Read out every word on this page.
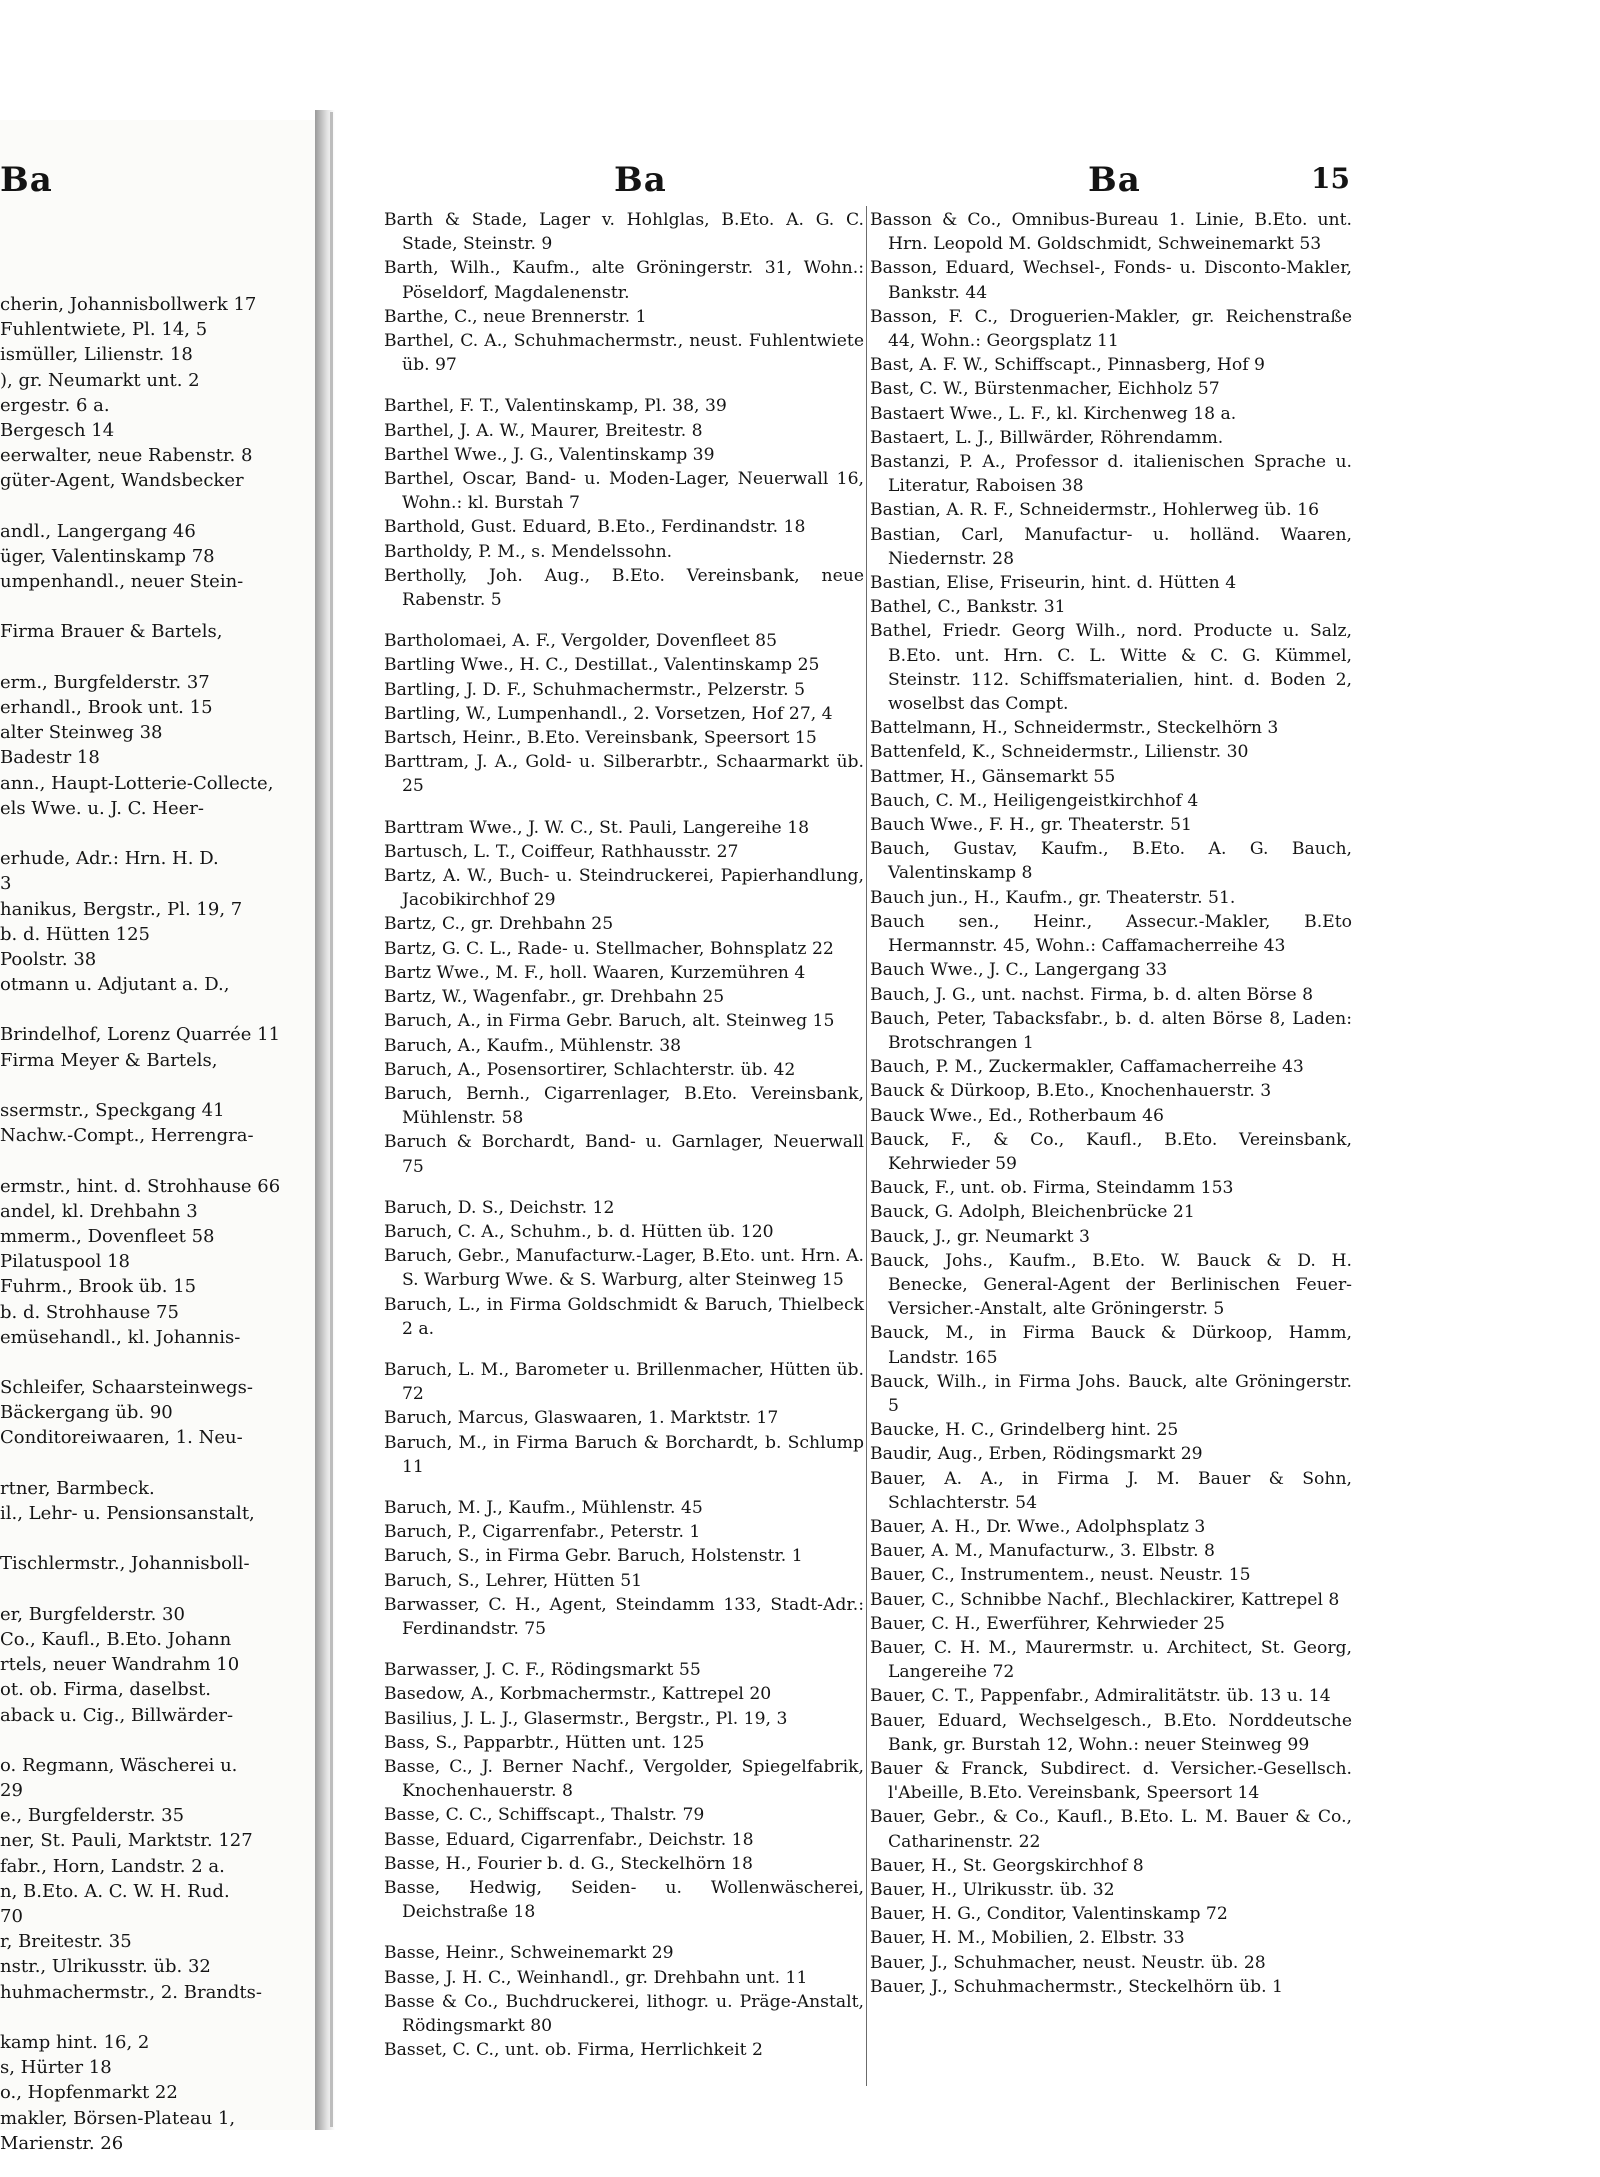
Ba
cherin, Johannisbollwerk 17
Fuhlentwiete, Pl. 14, 5
ismüller, Lilienstr. 18
), gr. Neumarkt unt. 2
ergestr. 6 a.
Bergesch 14
eerwalter, neue Rabenstr. 8
güter-Agent, Wandsbecker
andl., Langergang 46
üger, Valentinskamp 78
umpenhandl., neuer Stein-
Firma Brauer & Bartels,
erm., Burgfelderstr. 37
erhandl., Brook unt. 15
alter Steinweg 38
Badestr 18
ann., Haupt-Lotterie-Collecte,
els Wwe. u. J. C. Heer-
erhude, Adr.: Hrn. H. D.
3
hanikus, Bergstr., Pl. 19, 7
b. d. Hütten 125
Poolstr. 38
otmann u. Adjutant a. D.,
Brindelhof, Lorenz Quarrée 11
Firma Meyer & Bartels,
ssermstr., Speckgang 41
Nachw.-Compt., Herrengra-
ermstr., hint. d. Strohhause 66
andel, kl. Drehbahn 3
mmerm., Dovenfleet 58
Pilatuspool 18
Fuhrm., Brook üb. 15
b. d. Strohhause 75
emüsehandl., kl. Johannis-
Schleifer, Schaarsteinwegs-
Bäckergang üb. 90
Conditoreiwaaren, 1. Neu-
rtner, Barmbeck.
il., Lehr- u. Pensionsanstalt,
Tischlermstr., Johannisboll-
er, Burgfelderstr. 30
Co., Kaufl., B.Eto. Johann
rtels, neuer Wandrahm 10
ot. ob. Firma, daselbst.
aback u. Cig., Billwärder-
o. Regmann, Wäscherei u.
29
e., Burgfelderstr. 35
ner, St. Pauli, Marktstr. 127
fabr., Horn, Landstr. 2 a.
n, B.Eto. A. C. W. H. Rud.
70
r, Breitestr. 35
nstr., Ulrikusstr. üb. 32
huhmachermstr., 2. Brandts-
kamp hint. 16, 2
s, Hürter 18
o., Hopfenmarkt 22
makler, Börsen-Plateau 1,
Marienstr. 26
Ba	Ba	15

Barth & Stade, Lager v. Hohlglas, B.Eto. A. G. C. Stade, Steinstr. 9

Barth, Wilh., Kaufm., alte Gröningerstr. 31, Wohn.: Pöseldorf, Magdalenenstr.

Barthe, C., neue Brennerstr. 1

Barthel, C. A., Schuhmachermstr., neust. Fuhlentwiete üb. 97

Barthel, F. T., Valentinskamp, Pl. 38, 39

Barthel, J. A. W., Maurer, Breitestr. 8

Barthel Wwe., J. G., Valentinskamp 39

Barthel, Oscar, Band- u. Moden-Lager, Neuerwall 16, Wohn.: kl. Burstah 7

Barthold, Gust. Eduard, B.Eto., Ferdinandstr. 18

Bartholdy, P. M., s. Mendelssohn.

Bertholly, Joh. Aug., B.Eto. Vereinsbank, neue Rabenstr. 5

Bartholomaei, A. F., Vergolder, Dovenfleet 85

Bartling Wwe., H. C., Destillat., Valentinskamp 25

Bartling, J. D. F., Schuhmachermstr., Pelzerstr. 5

Bartling, W., Lumpenhandl., 2. Vorsetzen, Hof 27, 4

Bartsch, Heinr., B.Eto. Vereinsbank, Speersort 15

Barttram, J. A., Gold- u. Silberarbtr., Schaarmarkt üb. 25

Barttram Wwe., J. W. C., St. Pauli, Langereihe 18

Bartusch, L. T., Coiffeur, Rathhausstr. 27

Bartz, A. W., Buch- u. Steindruckerei, Papierhandlung, Jacobikirchhof 29

Bartz, C., gr. Drehbahn 25

Bartz, G. C. L., Rade- u. Stellmacher, Bohnsplatz 22

Bartz Wwe., M. F., holl. Waaren, Kurzemühren 4

Bartz, W., Wagenfabr., gr. Drehbahn 25

Baruch, A., in Firma Gebr. Baruch, alt. Steinweg 15

Baruch, A., Kaufm., Mühlenstr. 38

Baruch, A., Posensortirer, Schlachterstr. üb. 42

Baruch, Bernh., Cigarrenlager, B.Eto. Vereinsbank, Mühlenstr. 58

Baruch & Borchardt, Band- u. Garnlager, Neuerwall 75

Baruch, D. S., Deichstr. 12

Baruch, C. A., Schuhm., b. d. Hütten üb. 120

Baruch, Gebr., Manufacturw.-Lager, B.Eto. unt. Hrn. A. S. Warburg Wwe. & S. Warburg, alter Steinweg 15

Baruch, L., in Firma Goldschmidt & Baruch, Thielbeck 2 a.

Baruch, L. M., Barometer u. Brillenmacher, Hütten üb. 72

Baruch, Marcus, Glaswaaren, 1. Marktstr. 17

Baruch, M., in Firma Baruch & Borchardt, b. Schlump 11

Baruch, M. J., Kaufm., Mühlenstr. 45

Baruch, P., Cigarrenfabr., Peterstr. 1

Baruch, S., in Firma Gebr. Baruch, Holstenstr. 1

Baruch, S., Lehrer, Hütten 51

Barwasser, C. H., Agent, Steindamm 133, Stadt-Adr.: Ferdinandstr. 75

Barwasser, J. C. F., Rödingsmarkt 55

Basedow, A., Korbmachermstr., Kattrepel 20

Basilius, J. L. J., Glasermstr., Bergstr., Pl. 19, 3

Bass, S., Papparbtr., Hütten unt. 125

Basse, C., J. Berner Nachf., Vergolder, Spiegelfabrik, Knochenhauerstr. 8

Basse, C. C., Schiffscapt., Thalstr. 79

Basse, Eduard, Cigarrenfabr., Deichstr. 18

Basse, H., Fourier b. d. G., Steckelhörn 18

Basse, Hedwig, Seiden- u. Wollenwäscherei, Deichstraße 18

Basse, Heinr., Schweinemarkt 29

Basse, J. H. C., Weinhandl., gr. Drehbahn unt. 11

Basse & Co., Buchdruckerei, lithogr. u. Präge-Anstalt, Rödingsmarkt 80

Basset, C. C., unt. ob. Firma, Herrlichkeit 2

Basson & Co., Omnibus-Bureau 1. Linie, B.Eto. unt. Hrn. Leopold M. Goldschmidt, Schweinemarkt 53

Basson, Eduard, Wechsel-, Fonds- u. Disconto-Makler, Bankstr. 44

Basson, F. C., Droguerien-Makler, gr. Reichenstraße 44, Wohn.: Georgsplatz 11

Bast, A. F. W., Schiffscapt., Pinnasberg, Hof 9

Bast, C. W., Bürstenmacher, Eichholz 57

Bastaert Wwe., L. F., kl. Kirchenweg 18 a.

Bastaert, L. J., Billwärder, Röhrendamm.

Bastanzi, P. A., Professor d. italienischen Sprache u. Literatur, Raboisen 38

Bastian, A. R. F., Schneidermstr., Hohlerweg üb. 16

Bastian, Carl, Manufactur- u. holländ. Waaren, Niedernstr. 28

Bastian, Elise, Friseurin, hint. d. Hütten 4

Bathel, C., Bankstr. 31

Bathel, Friedr. Georg Wilh., nord. Producte u. Salz, B.Eto. unt. Hrn. C. L. Witte & C. G. Kümmel, Steinstr. 112. Schiffsmaterialien, hint. d. Boden 2, woselbst das Compt.

Battelmann, H., Schneidermstr., Steckelhörn 3

Battenfeld, K., Schneidermstr., Lilienstr. 30

Battmer, H., Gänsemarkt 55

Bauch, C. M., Heiligengeistkirchhof 4

Bauch Wwe., F. H., gr. Theaterstr. 51

Bauch, Gustav, Kaufm., B.Eto. A. G. Bauch, Valentinskamp 8

Bauch jun., H., Kaufm., gr. Theaterstr. 51.

Bauch sen., Heinr., Assecur.-Makler, B.Eto Hermannstr. 45, Wohn.: Caffamacherreihe 43

Bauch Wwe., J. C., Langergang 33

Bauch, J. G., unt. nachst. Firma, b. d. alten Börse 8

Bauch, Peter, Tabacksfabr., b. d. alten Börse 8, Laden: Brotschrangen 1

Bauch, P. M., Zuckermakler, Caffamacherreihe 43

Bauck & Dürkoop, B.Eto., Knochenhauerstr. 3

Bauck Wwe., Ed., Rotherbaum 46

Bauck, F., & Co., Kaufl., B.Eto. Vereinsbank, Kehrwieder 59

Bauck, F., unt. ob. Firma, Steindamm 153

Bauck, G. Adolph, Bleichenbrücke 21

Bauck, J., gr. Neumarkt 3

Bauck, Johs., Kaufm., B.Eto. W. Bauck & D. H. Benecke, General-Agent der Berlinischen Feuer-Versicher.-Anstalt, alte Gröningerstr. 5

Bauck, M., in Firma Bauck & Dürkoop, Hamm, Landstr. 165

Bauck, Wilh., in Firma Johs. Bauck, alte Gröningerstr. 5

Baucke, H. C., Grindelberg hint. 25

Baudir, Aug., Erben, Rödingsmarkt 29

Bauer, A. A., in Firma J. M. Bauer & Sohn, Schlachterstr. 54

Bauer, A. H., Dr. Wwe., Adolphsplatz 3

Bauer, A. M., Manufacturw., 3. Elbstr. 8

Bauer, C., Instrumentem., neust. Neustr. 15

Bauer, C., Schnibbe Nachf., Blechlackirer, Kattrepel 8

Bauer, C. H., Ewerführer, Kehrwieder 25

Bauer, C. H. M., Maurermstr. u. Architect, St. Georg, Langereihe 72

Bauer, C. T., Pappenfabr., Admiralitätstr. üb. 13 u. 14

Bauer, Eduard, Wechselgesch., B.Eto. Norddeutsche Bank, gr. Burstah 12, Wohn.: neuer Steinweg 99

Bauer & Franck, Subdirect. d. Versicher.-Gesellsch. l'Abeille, B.Eto. Vereinsbank, Speersort 14

Bauer, Gebr., & Co., Kaufl., B.Eto. L. M. Bauer & Co., Catharinenstr. 22

Bauer, H., St. Georgskirchhof 8

Bauer, H., Ulrikusstr. üb. 32

Bauer, H. G., Conditor, Valentinskamp 72

Bauer, H. M., Mobilien, 2. Elbstr. 33

Bauer, J., Schuhmacher, neust. Neustr. üb. 28

Bauer, J., Schuhmachermstr., Steckelhörn üb. 1
